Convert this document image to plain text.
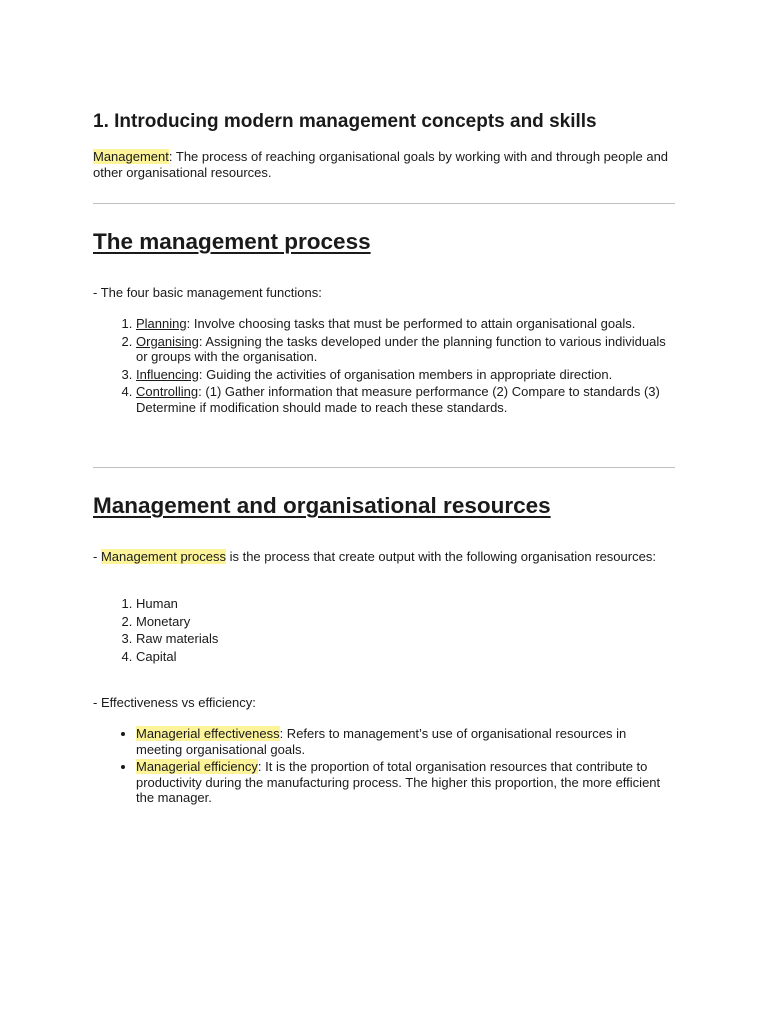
1. Introducing modern management concepts and skills

Management: The process of reaching organisational goals by working with and through people and other organisational resources.

The management process

- The four basic management functions:

1. Planning: Involve choosing tasks that must be performed to attain organisational goals.
2. Organising: Assigning the tasks developed under the planning function to various individuals or groups with the organisation.
3. Influencing: Guiding the activities of organisation members in appropriate direction.
4. Controlling: (1) Gather information that measure performance (2) Compare to standards (3) Determine if modification should made to reach these standards.
Management and organisational resources

- Management process is the process that create output with the following organisation resources:

1. Human
2. Monetary
3. Raw materials
4. Capital

- Effectiveness vs efficiency:

• Managerial effectiveness: Refers to management’s use of organisational resources in meeting organisational goals.
• Managerial efficiency: It is the proportion of total organisation resources that contribute to productivity during the manufacturing process. The higher this proportion, the more efficient the manager.
